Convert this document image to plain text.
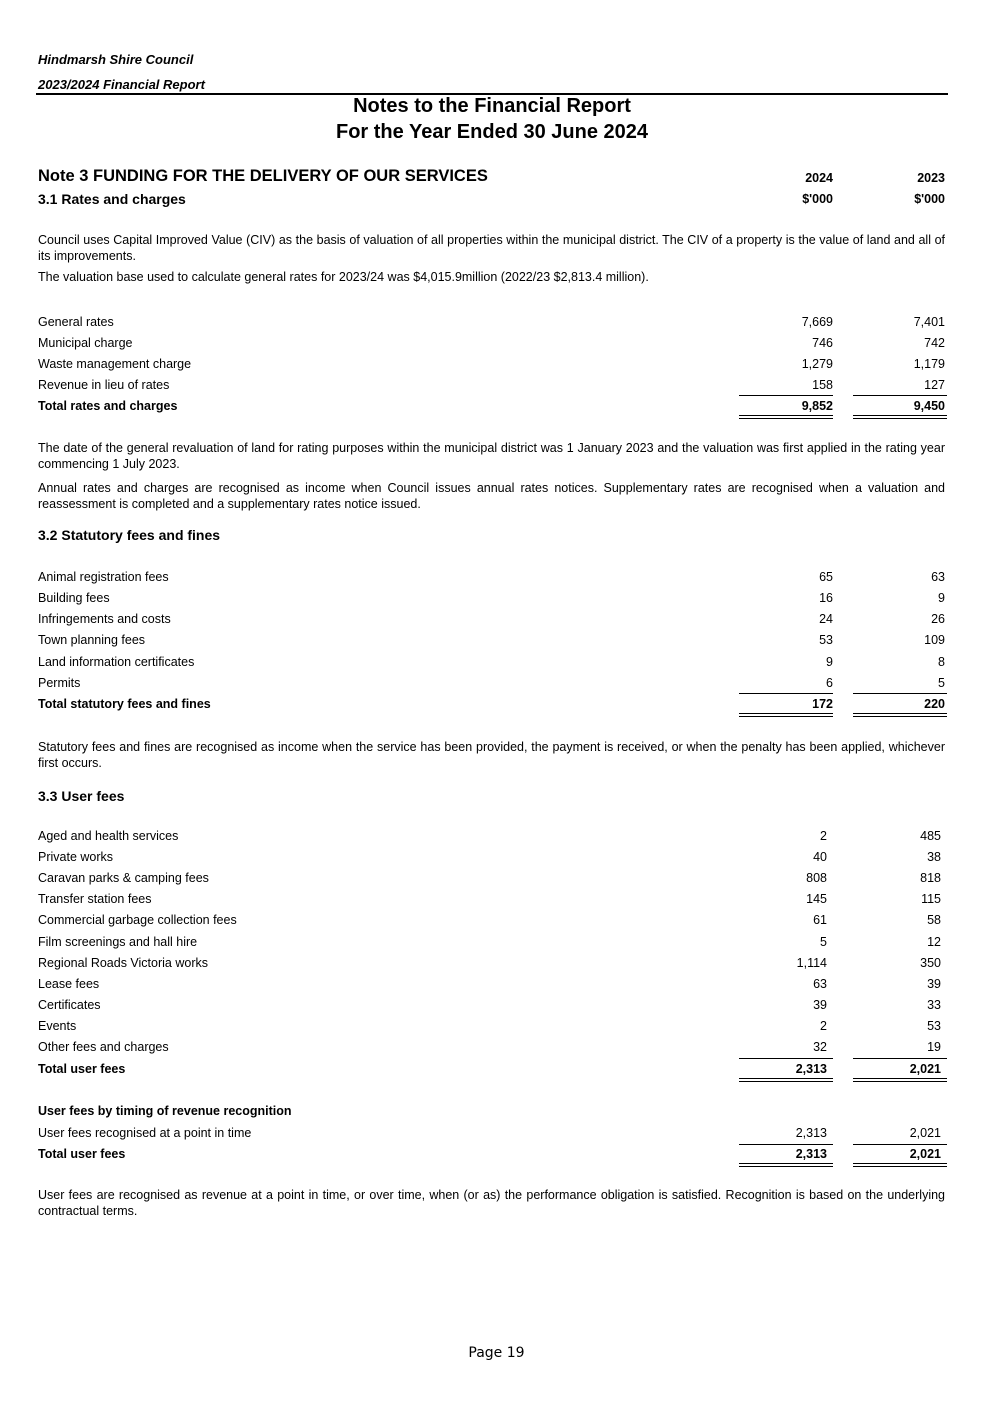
Hindmarsh Shire Council
2023/2024 Financial Report
Notes to the Financial Report
For the Year Ended 30 June 2024
Note 3 FUNDING FOR THE DELIVERY OF OUR SERVICES	2024	2023
3.1 Rates and charges	$'000	$'000
Council uses Capital Improved Value (CIV) as the basis of valuation of all properties within the municipal district. The CIV of a property is the value of land and all of its improvements.
The valuation base used to calculate general rates for 2023/24 was $4,015.9million (2022/23 $2,813.4 million).
General rates	7,669	7,401
Municipal charge	746	742
Waste management charge	1,279	1,179
Revenue in lieu of rates	158	127
Total rates and charges	9,852	9,450
The date of the general revaluation of land for rating purposes within the municipal district was 1 January 2023 and the valuation was first applied in the rating year commencing 1 July 2023.
Annual rates and charges are recognised as income when Council issues annual rates notices. Supplementary rates are recognised when a valuation and reassessment is completed and a supplementary rates notice issued.
3.2 Statutory fees and fines
Animal registration fees	65	63
Building fees	16	9
Infringements and costs	24	26
Town planning fees	53	109
Land information certificates	9	8
Permits	6	5
Total statutory fees and fines	172	220
Statutory fees and fines are recognised as income when the service has been provided, the payment is received, or when the penalty has been applied, whichever first occurs.
3.3 User fees
Aged and health services	2	485
Private works	40	38
Caravan parks & camping fees	808	818
Transfer station fees	145	115
Commercial garbage collection fees	61	58
Film screenings and hall hire	5	12
Regional Roads Victoria works	1,114	350
Lease fees	63	39
Certificates	39	33
Events	2	53
Other fees and charges	32	19
Total user fees	2,313	2,021
User fees by timing of revenue recognition
User fees recognised at a point in time	2,313	2,021
Total user fees	2,313	2,021
User fees are recognised as revenue at a point in time, or over time, when (or as) the performance obligation is satisfied. Recognition is based on the underlying contractual terms.
Page 19
